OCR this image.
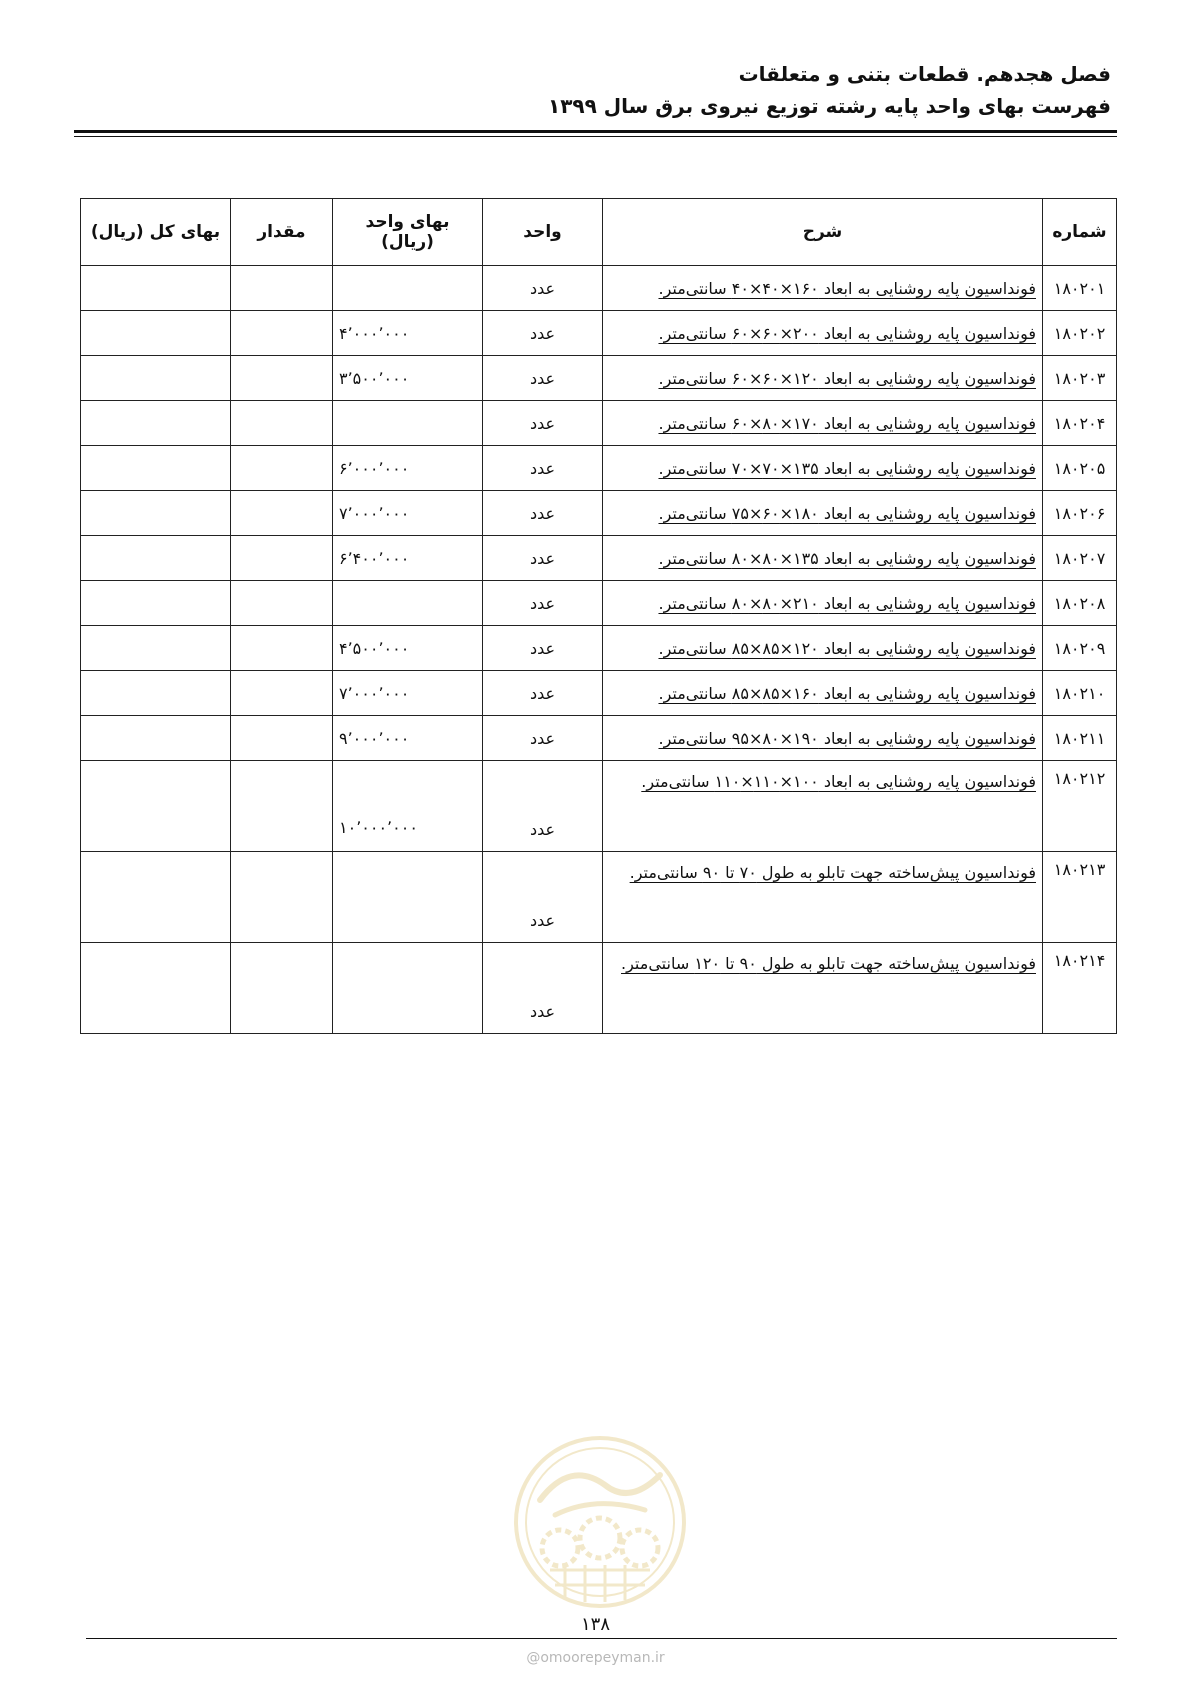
فصل هجدهم. قطعات بتنی و متعلقات
فهرست بهای واحد پایه رشته توزیع نیروی برق سال ۱۳۹۹
شماره	شرح	واحد	بهای واحد (ریال)	مقدار	بهای کل (ریال)
۱۸۰۲۰۱	فونداسیون پایه روشنایی به ابعاد ۱۶۰×۴۰×۴۰ سانتی‌متر.	عدد			
۱۸۰۲۰۲	فونداسیون پایه روشنایی به ابعاد ۲۰۰×۶۰×۶۰ سانتی‌متر.	عدد	۴٬۰۰۰٬۰۰۰		
۱۸۰۲۰۳	فونداسیون پایه روشنایی به ابعاد ۱۲۰×۶۰×۶۰ سانتی‌متر.	عدد	۳٬۵۰۰٬۰۰۰		
۱۸۰۲۰۴	فونداسیون پایه روشنایی به ابعاد ۱۷۰×۸۰×۶۰ سانتی‌متر.	عدد			
۱۸۰۲۰۵	فونداسیون پایه روشنایی به ابعاد ۱۳۵×۷۰×۷۰ سانتی‌متر.	عدد	۶٬۰۰۰٬۰۰۰		
۱۸۰۲۰۶	فونداسیون پایه روشنایی به ابعاد ۱۸۰×۶۰×۷۵ سانتی‌متر.	عدد	۷٬۰۰۰٬۰۰۰		
۱۸۰۲۰۷	فونداسیون پایه روشنایی به ابعاد ۱۳۵×۸۰×۸۰ سانتی‌متر.	عدد	۶٬۴۰۰٬۰۰۰		
۱۸۰۲۰۸	فونداسیون پایه روشنایی به ابعاد ۲۱۰×۸۰×۸۰ سانتی‌متر.	عدد			
۱۸۰۲۰۹	فونداسیون پایه روشنایی به ابعاد ۱۲۰×۸۵×۸۵ سانتی‌متر.	عدد	۴٬۵۰۰٬۰۰۰		
۱۸۰۲۱۰	فونداسیون پایه روشنایی به ابعاد ۱۶۰×۸۵×۸۵ سانتی‌متر.	عدد	۷٬۰۰۰٬۰۰۰		
۱۸۰۲۱۱	فونداسیون پایه روشنایی به ابعاد ۱۹۰×۸۰×۹۵ سانتی‌متر.	عدد	۹٬۰۰۰٬۰۰۰		
۱۸۰۲۱۲	فونداسیون پایه روشنایی به ابعاد ۱۰۰×۱۱۰×۱۱۰ سانتی‌متر.	عدد	۱۰٬۰۰۰٬۰۰۰		
۱۸۰۲۱۳	فونداسیون پیش‌ساخته جهت تابلو به طول ۷۰ تا ۹۰ سانتی‌متر.	عدد			
۱۸۰۲۱۴	فونداسیون پیش‌ساخته جهت تابلو به طول ۹۰ تا ۱۲۰ سانتی‌متر.	عدد			
۱۳۸
@omoorepeyman.ir
